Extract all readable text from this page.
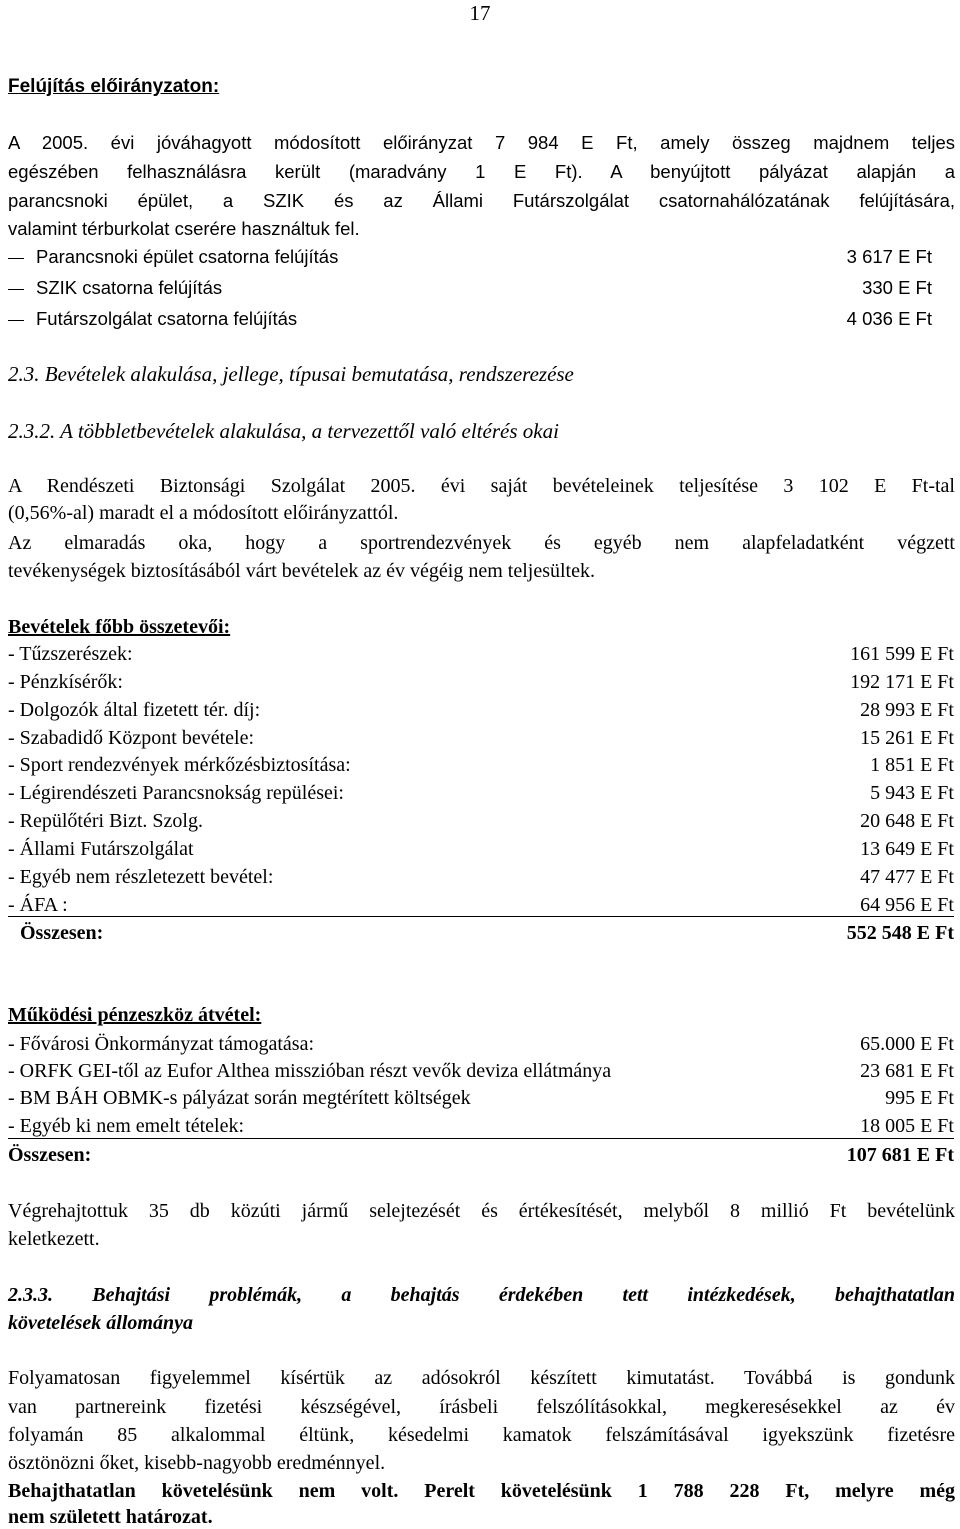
17
Felújítás előirányzaton:
A 2005. évi jóváhagyott módosított előirányzat 7 984 E Ft, amely összeg majdnem teljes
egészében felhasználásra került (maradvány 1 E Ft). A benyújtott pályázat alapján a
parancsnoki épület, a SZIK és az Állami Futárszolgálat csatornahálózatának felújítására,
valamint térburkolat cserére használtuk fel.
Parancsnoki épület csatorna felújítás	3 617 E Ft
SZIK csatorna felújítás	330 E Ft
Futárszolgálat csatorna felújítás	4 036 E Ft
2.3. Bevételek alakulása, jellege, típusai bemutatása, rendszerezése
2.3.2. A többletbevételek alakulása, a tervezettől való eltérés okai
A Rendészeti Biztonsági Szolgálat 2005. évi saját bevételeinek teljesítése 3 102 E Ft-tal
(0,56%-al) maradt el a módosított előirányzattól.
Az elmaradás oka, hogy a sportrendezvények és egyéb nem alapfeladatként végzett
tevékenységek biztosításából várt bevételek az év végéig nem teljesültek.
Bevételek főbb összetevői:
- Tűzszerészek:	161 599 E Ft
- Pénzkísérők:	192 171 E Ft
- Dolgozók által fizetett tér. díj:	28 993 E Ft
- Szabadidő Központ bevétele:	15 261 E Ft
- Sport rendezvények mérkőzésbiztosítása:	1 851 E Ft
- Légirendészeti Parancsnokság repülései:	5 943 E Ft
- Repülőtéri Bizt. Szolg.	20 648 E Ft
- Állami Futárszolgálat	13 649 E Ft
- Egyéb nem részletezett bevétel:	47 477 E Ft
- ÁFA :	64 956 E Ft
Összesen:	552 548 E Ft
Működési pénzeszköz átvétel:
- Fővárosi Önkormányzat támogatása:	65.000 E Ft
- ORFK GEI-től az Eufor Althea misszióban részt vevők deviza ellátmánya	23 681 E Ft
- BM BÁH OBMK-s pályázat során megtérített költségek	995 E Ft
- Egyéb ki nem emelt tételek:	18 005 E Ft
Összesen:	107 681 E Ft
Végrehajtottuk 35 db közúti jármű selejtezését és értékesítését, melyből 8 millió Ft bevételünk
keletkezett.
2.3.3. Behajtási problémák, a behajtás érdekében tett intézkedések, behajthatatlan
követelések állománya
Folyamatosan figyelemmel kísértük az adósokról készített kimutatást. Továbbá is gondunk
van partnereink fizetési készségével, írásbeli felszólításokkal, megkeresésekkel az év
folyamán 85 alkalommal éltünk, késedelmi kamatok felszámításával igyekszünk fizetésre
ösztönözni őket, kisebb-nagyobb eredménnyel.
Behajthatatlan követelésünk nem volt. Perelt követelésünk 1 788 228 Ft, melyre még
nem született határozat.
